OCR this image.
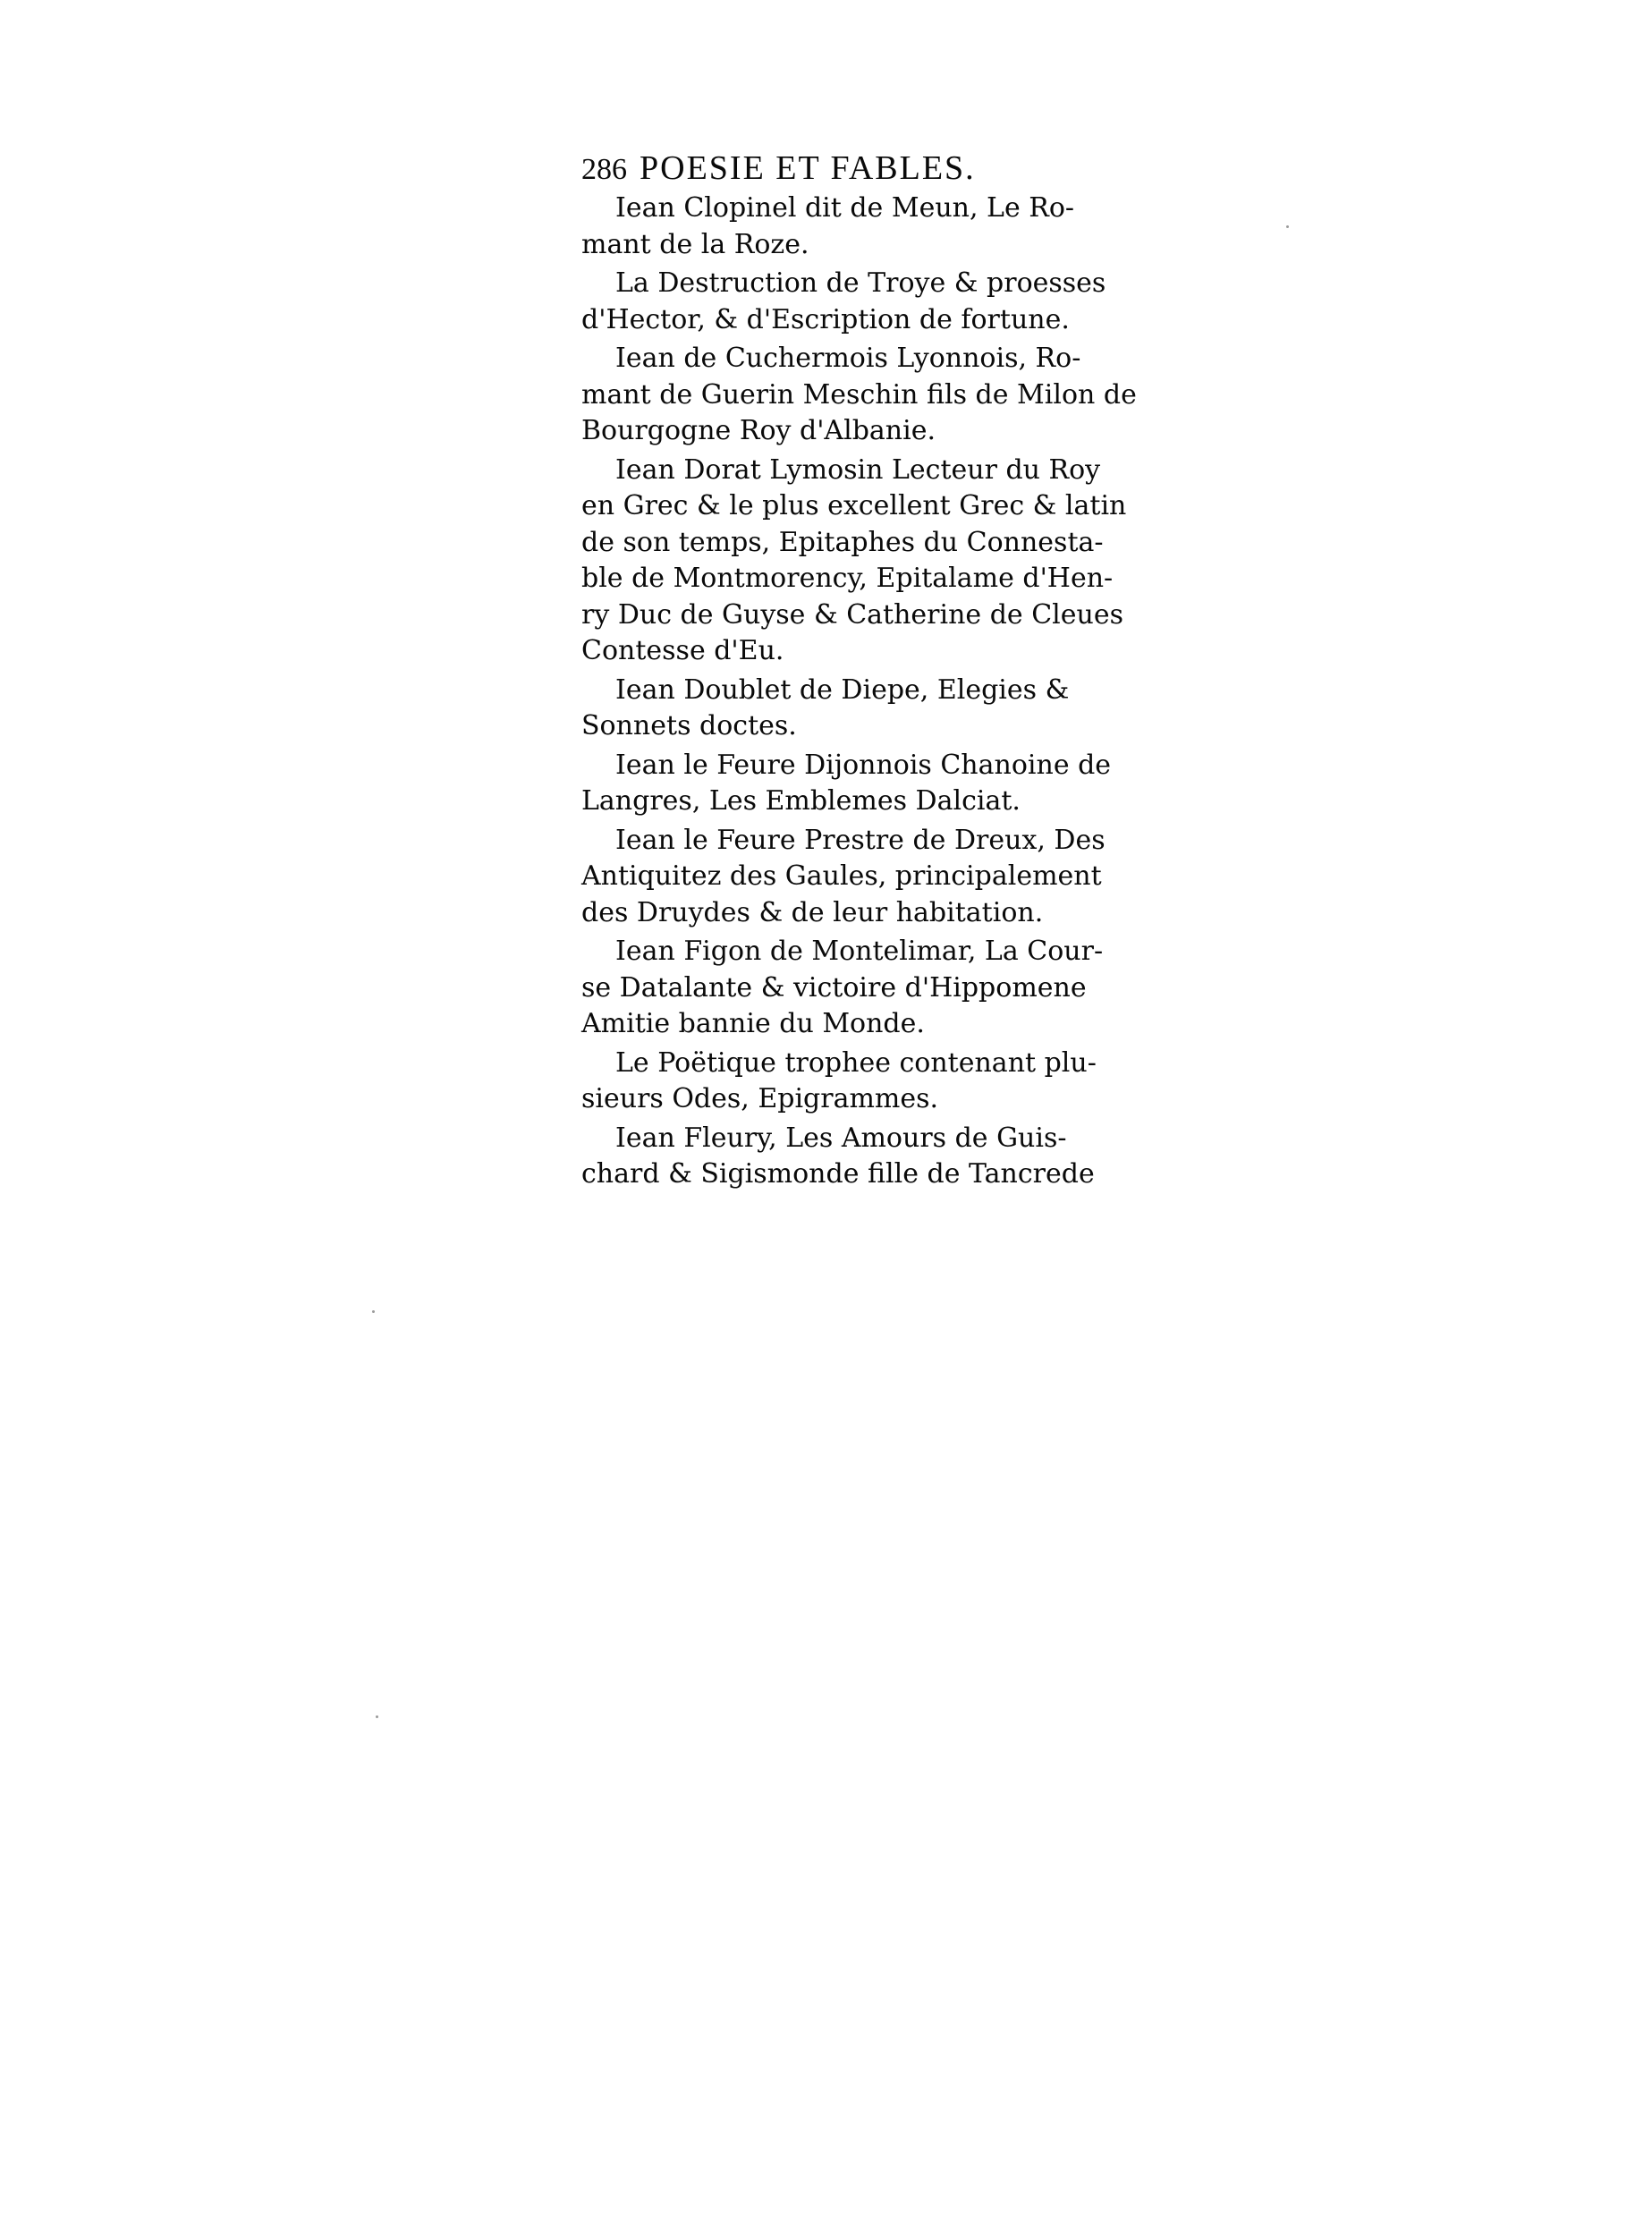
286 POESIE ET FABLES.

Iean Clopinel dit de Meun, Le Ro-
mant de la Roze.

La Destruction de Troye & proesses
d'Hector, & d'Escription de fortune.

Iean de Cuchermois Lyonnois, Ro-
mant de Guerin Meschin fils de Milon de
Bourgogne Roy d'Albanie.

Iean Dorat Lymosin Lecteur du Roy
en Grec & le plus excellent Grec & latin
de son temps, Epitaphes du Connesta-
ble de Montmorency, Epitalame d'Hen-
ry Duc de Guyse & Catherine de Cleues
Contesse d'Eu.

Iean Doublet de Diepe, Elegies &
Sonnets doctes.

Iean le Feure Dijonnois Chanoine de
Langres, Les Emblemes Dalciat.

Iean le Feure Prestre de Dreux, Des
Antiquitez des Gaules, principalement
des Druydes & de leur habitation.

Iean Figon de Montelimar, La Cour-
se Datalante & victoire d'Hippomene
Amitie bannie du Monde.

Le Poëtique trophee contenant plu-
sieurs Odes, Epigrammes.

Iean Fleury, Les Amours de Guis-
chard & Sigismonde fille de Tancrede
